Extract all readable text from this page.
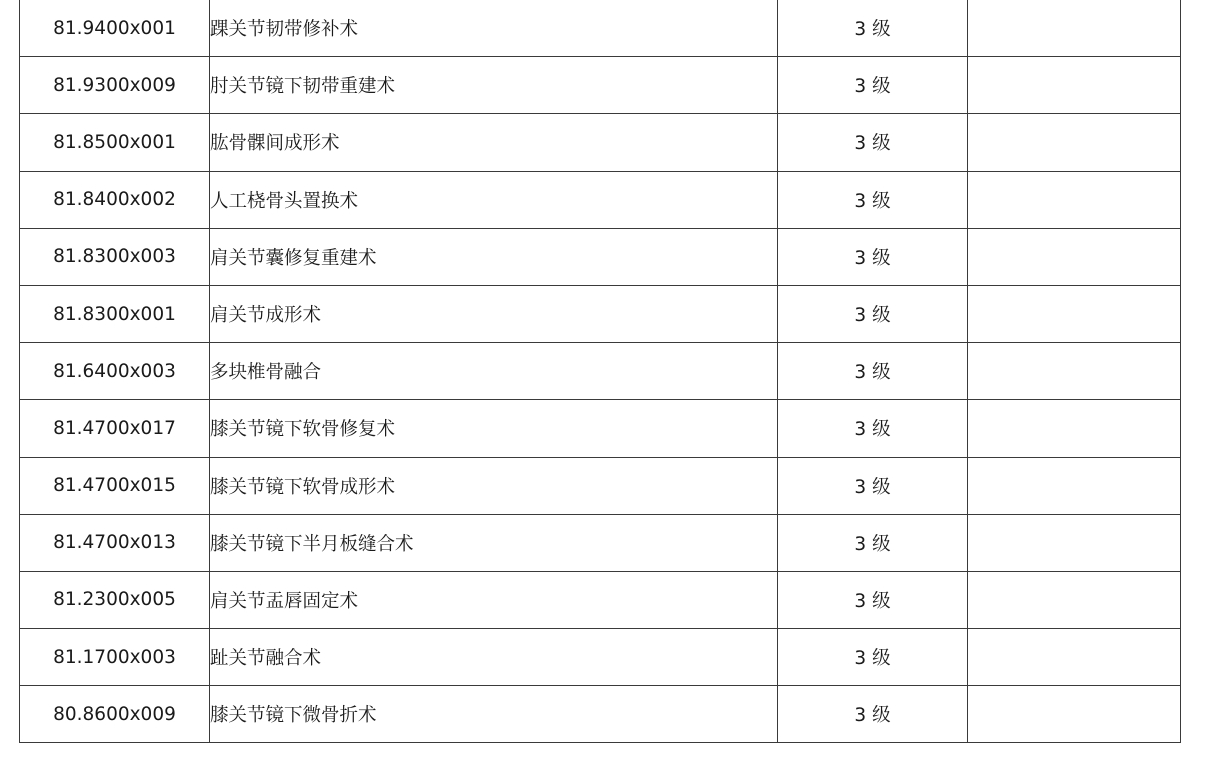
81.9400x001	踝关节韧带修补术	3 级	
81.9300x009	肘关节镜下韧带重建术	3 级	
81.8500x001	肱骨髁间成形术	3 级	
81.8400x002	人工桡骨头置换术	3 级	
81.8300x003	肩关节囊修复重建术	3 级	
81.8300x001	肩关节成形术	3 级	
81.6400x003	多块椎骨融合	3 级	
81.4700x017	膝关节镜下软骨修复术	3 级	
81.4700x015	膝关节镜下软骨成形术	3 级	
81.4700x013	膝关节镜下半月板缝合术	3 级	
81.2300x005	肩关节盂唇固定术	3 级	
81.1700x003	趾关节融合术	3 级	
80.8600x009	膝关节镜下微骨折术	3 级	
